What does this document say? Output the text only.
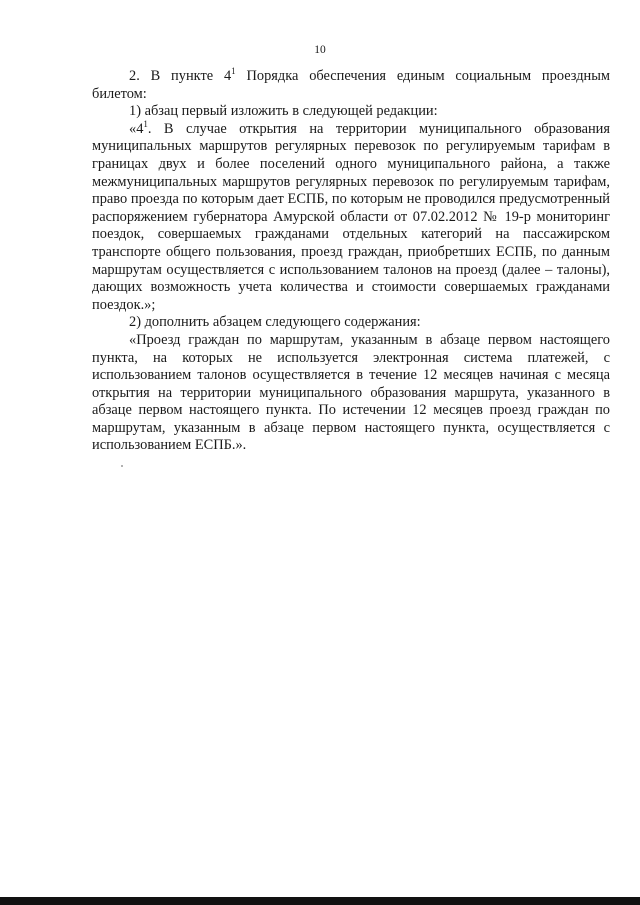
10

2. В пункте $4^1$ Порядка обеспечения единым социальным проездным билетом:

1) абзац первый изложить в следующей редакции:

«$4^1$. В случае открытия на территории муниципального образования муниципальных маршрутов регулярных перевозок по регулируемым тарифам в границах двух и более поселений одного муниципального района, а также межмуниципальных маршрутов регулярных перевозок по регулируемым тарифам, право проезда по которым дает ЕСПБ, по которым не проводился предусмотренный распоряжением губернатора Амурской области от 07.02.2012 № 19-р мониторинг поездок, совершаемых гражданами отдельных категорий на пассажирском транспорте общего пользования, проезд граждан, приобретших ЕСПБ, по данным маршрутам осуществляется с использованием талонов на проезд (далее – талоны), дающих возможность учета количества и стоимости совершаемых гражданами поездок.»;

2) дополнить абзацем следующего содержания:

«Проезд граждан по маршрутам, указанным в абзаце первом настоящего пункта, на которых не используется электронная система платежей, с использованием талонов осуществляется в течение 12 месяцев начиная с месяца открытия на территории муниципального образования маршрута, указанного в абзаце первом настоящего пункта. По истечении 12 месяцев проезд граждан по маршрутам, указанным в абзаце первом настоящего пункта, осуществляется с использованием ЕСПБ.».
